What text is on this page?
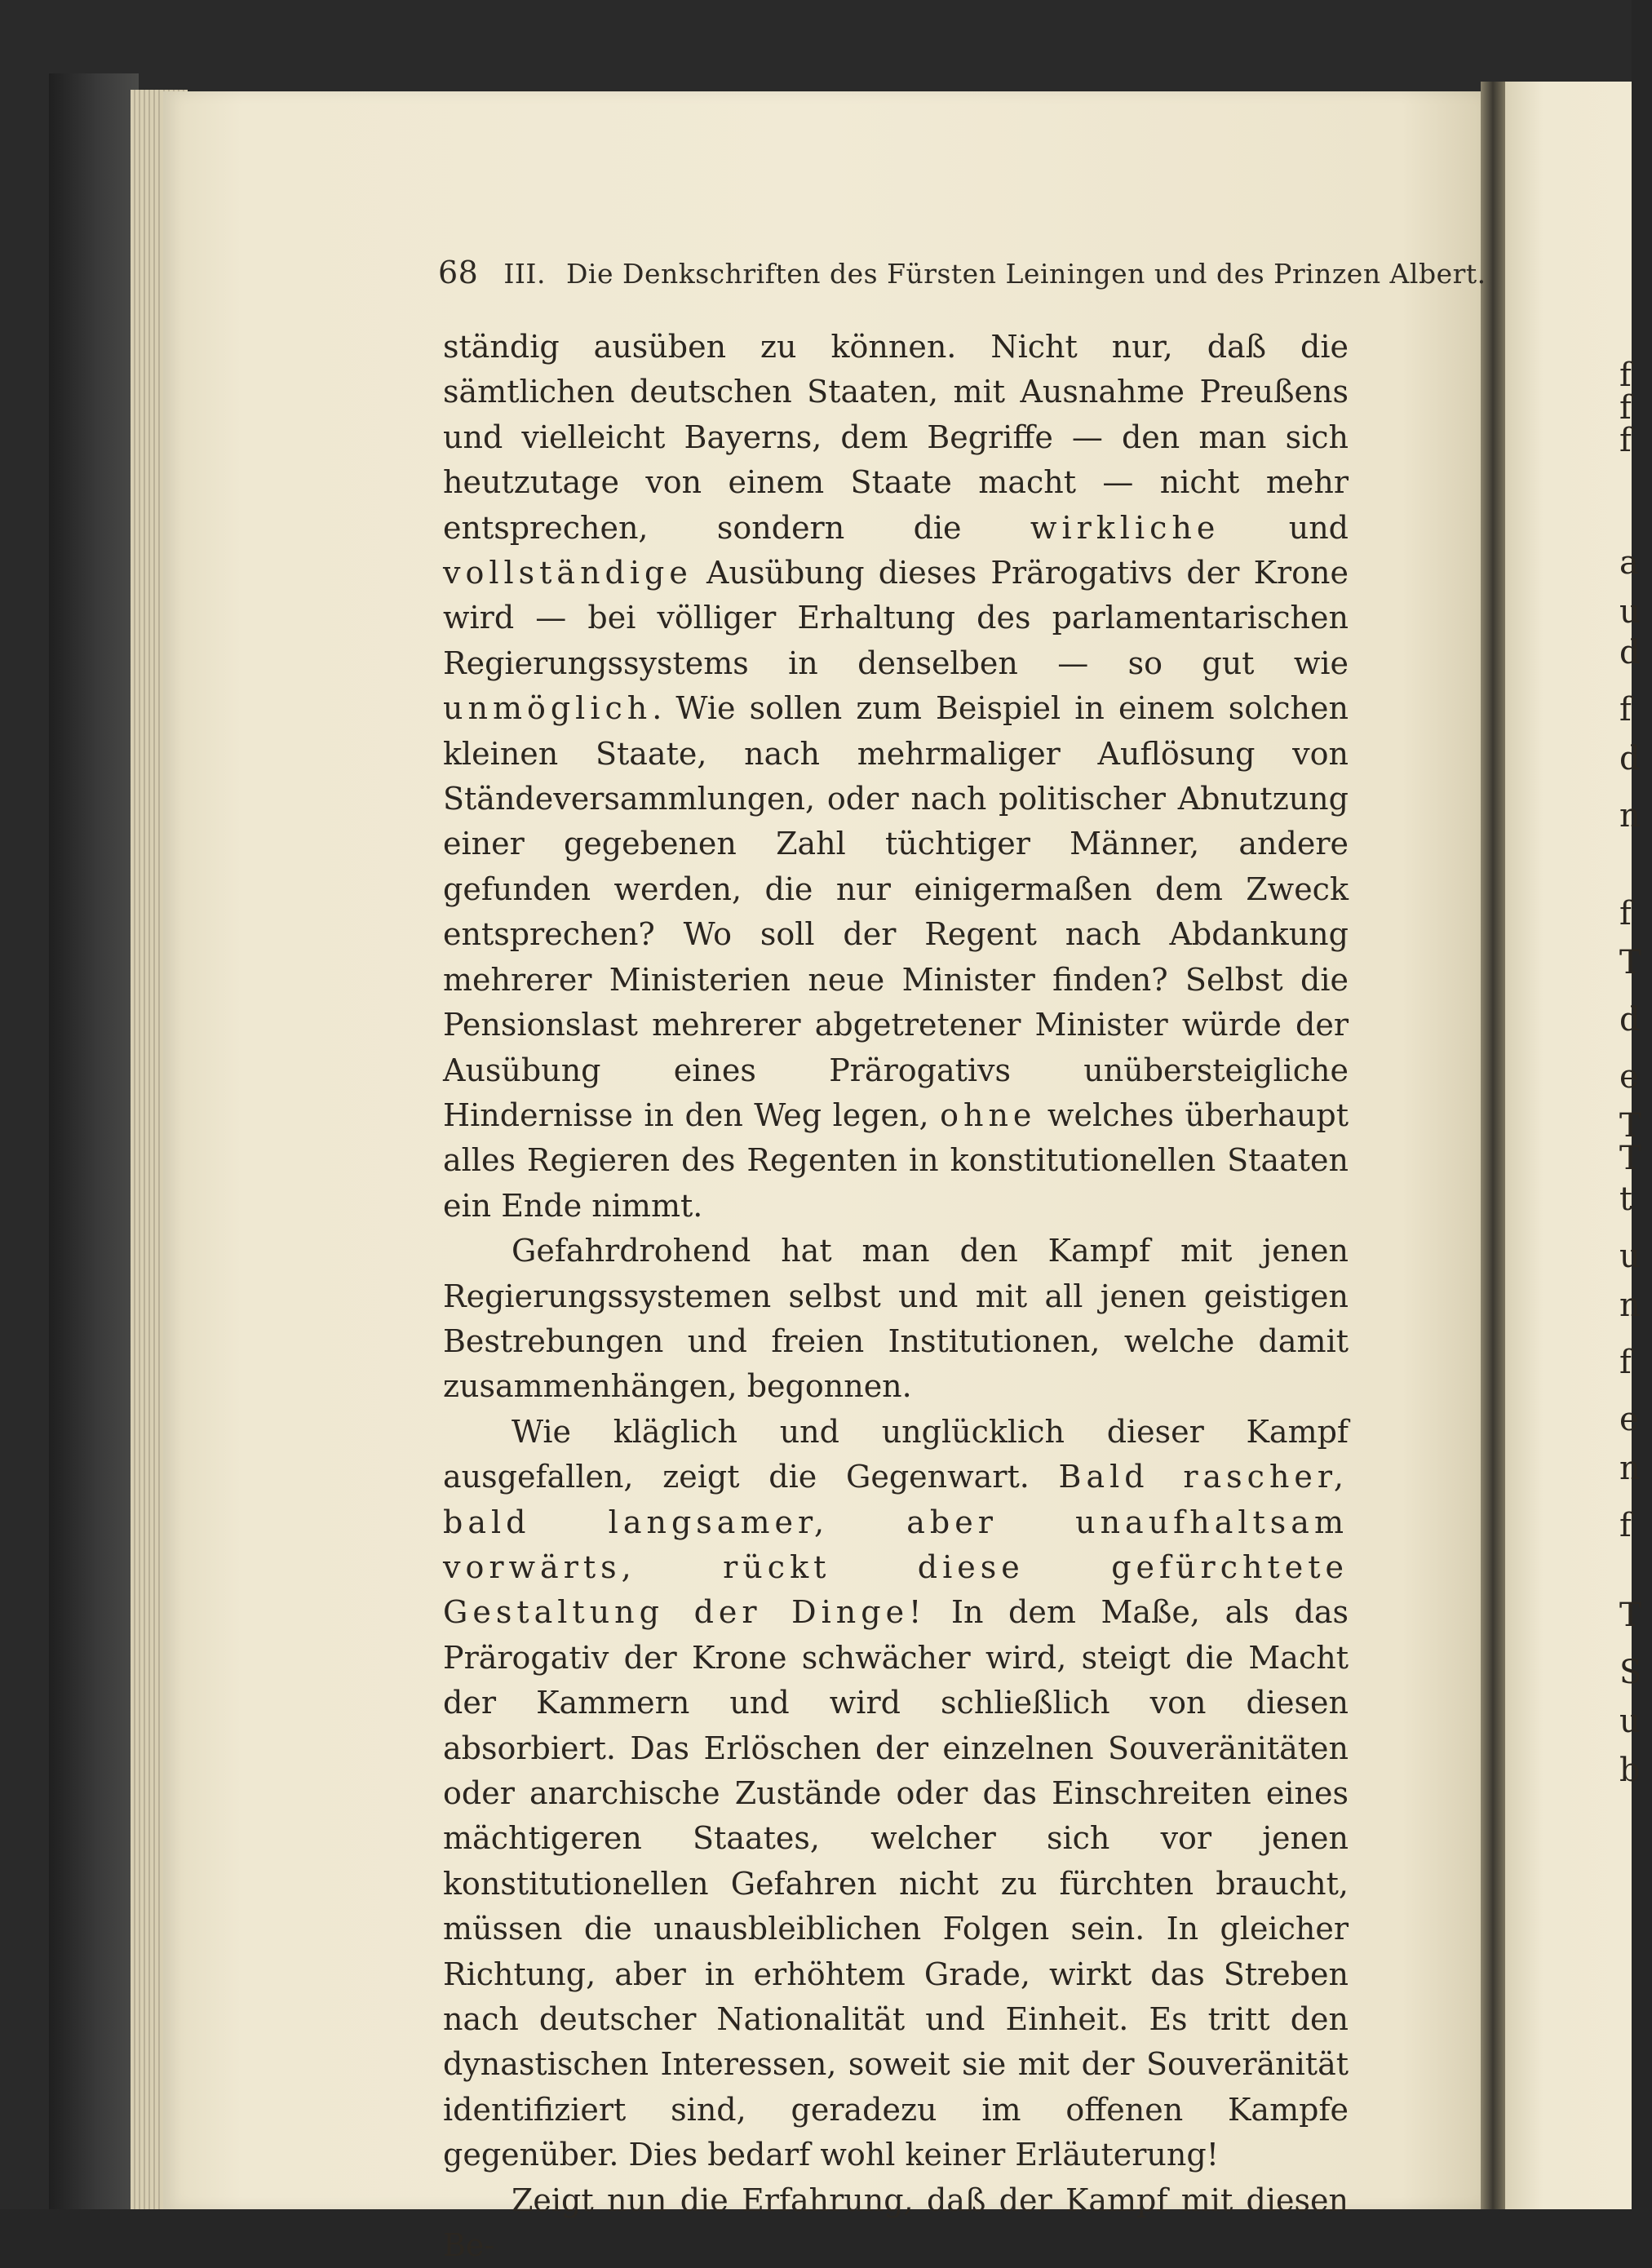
f
f
f
a
u
d
f
d
n
f
T
d
e
T
T
t
u
n
f
e
n
f
T
S
u
b
68 III. Die Denkschriften des Fürsten Leiningen und des Prinzen Albert.

ständig ausüben zu können. Nicht nur, daß die sämtlichen deutschen Staaten, mit Ausnahme Preußens und vielleicht Bayerns, dem Begriffe — den man sich heutzutage von einem Staate macht — nicht mehr entsprechen, sondern die wirkliche und vollständige Ausübung dieses Prärogativs der Krone wird — bei völliger Erhaltung des parlamentarischen Regierungssystems in denselben — so gut wie unmöglich. Wie sollen zum Beispiel in einem solchen kleinen Staate, nach mehrmaliger Auflösung von Ständeversammlungen, oder nach politischer Abnutzung einer gegebenen Zahl tüchtiger Männer, andere gefunden werden, die nur einigermaßen dem Zweck entsprechen? Wo soll der Regent nach Abdankung mehrerer Ministerien neue Minister finden? Selbst die Pensionslast mehrerer abgetretener Minister würde der Ausübung eines Prärogativs unübersteigliche Hindernisse in den Weg legen, ohne welches überhaupt alles Regieren des Regenten in konstitutionellen Staaten ein Ende nimmt.

Gefahrdrohend hat man den Kampf mit jenen Regierungssystemen selbst und mit all jenen geistigen Bestrebungen und freien Institutionen, welche damit zusammenhängen, begonnen.

Wie kläglich und unglücklich dieser Kampf ausgefallen, zeigt die Gegenwart. Bald rascher, bald langsamer, aber unaufhaltsam vorwärts, rückt diese gefürchtete Gestaltung der Dinge! In dem Maße, als das Prärogativ der Krone schwächer wird, steigt die Macht der Kammern und wird schließlich von diesen absorbiert. Das Erlöschen der einzelnen Souveränitäten oder anarchische Zustände oder das Einschreiten eines mächtigeren Staates, welcher sich vor jenen konstitutionellen Gefahren nicht zu fürchten braucht, müssen die unausbleiblichen Folgen sein. In gleicher Richtung, aber in erhöhtem Grade, wirkt das Streben nach deutscher Nationalität und Einheit. Es tritt den dynastischen Interessen, soweit sie mit der Souveränität identifiziert sind, geradezu im offenen Kampfe gegenüber. Dies bedarf wohl keiner Erläuterung!

Zeigt nun die Erfahrung, daß der Kampf mit diesen Be-
